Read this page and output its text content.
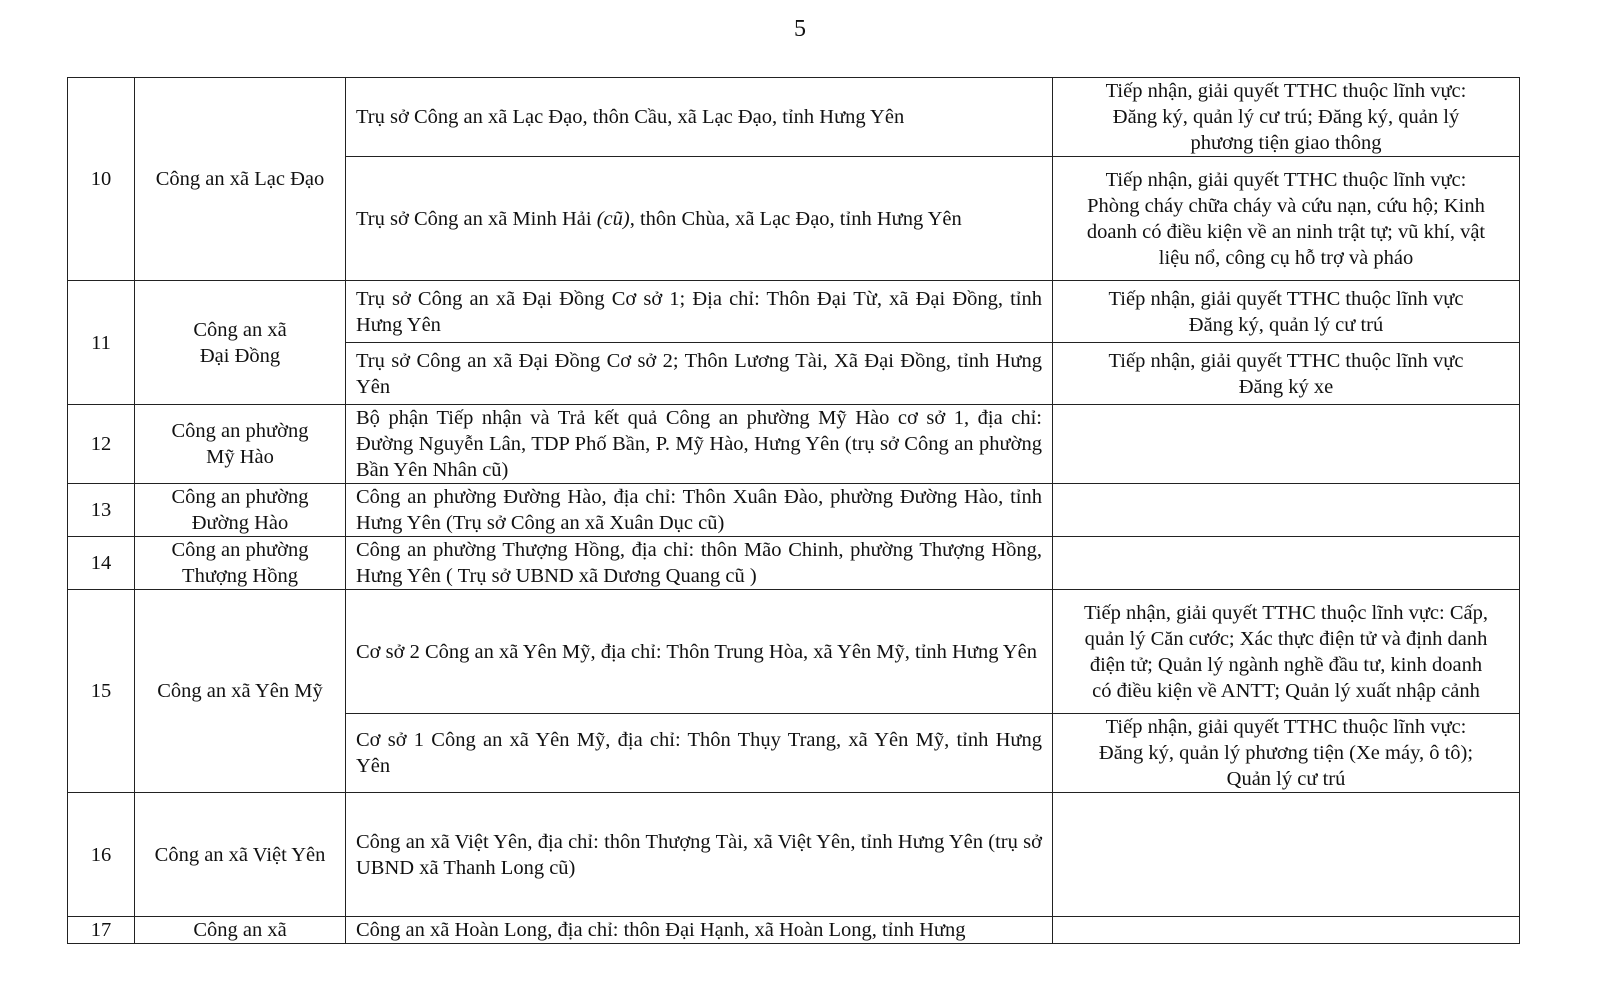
5
10	Công an xã Lạc Đạo	Trụ sở Công an xã Lạc Đạo, thôn Cầu, xã Lạc Đạo, tỉnh Hưng Yên	Tiếp nhận, giải quyết TTHC thuộc lĩnh vực:
Đăng ký, quản lý cư trú; Đăng ký, quản lý
phương tiện giao thông

		Trụ sở Công an xã Minh Hải (cũ), thôn Chùa, xã Lạc Đạo, tỉnh Hưng Yên	Tiếp nhận, giải quyết TTHC thuộc lĩnh vực:
Phòng cháy chữa cháy và cứu nạn, cứu hộ; Kinh
doanh có điều kiện về an ninh trật tự; vũ khí, vật
liệu nổ, công cụ hỗ trợ và pháo

11	Công an xã
Đại Đồng	Trụ sở Công an xã Đại Đồng Cơ sở 1; Địa chỉ: Thôn Đại Từ, xã Đại Đồng, tỉnh Hưng Yên	Tiếp nhận, giải quyết TTHC thuộc lĩnh vực
Đăng ký, quản lý cư trú

		Trụ sở Công an xã Đại Đồng Cơ sở 2; Thôn Lương Tài, Xã Đại Đồng, tỉnh Hưng Yên	Tiếp nhận, giải quyết TTHC thuộc lĩnh vực
Đăng ký xe

12	Công an phường
Mỹ Hào	Bộ phận Tiếp nhận và Trả kết quả Công an phường Mỹ Hào cơ sở 1, địa chỉ: Đường Nguyễn Lân, TDP Phố Bần, P. Mỹ Hào, Hưng Yên (trụ sở Công an phường Bần Yên Nhân cũ)	

13	Công an phường
Đường Hào	Công an phường Đường Hào, địa chỉ: Thôn Xuân Đào, phường Đường Hào, tỉnh Hưng Yên (Trụ sở Công an xã Xuân Dục cũ)	

14	Công an phường
Thượng Hồng	Công an phường Thượng Hồng, địa chỉ: thôn Mão Chinh, phường Thượng Hồng, Hưng Yên ( Trụ sở UBND xã Dương Quang cũ )	

15	Công an xã Yên Mỹ	Cơ sở 2 Công an xã Yên Mỹ, địa chỉ: Thôn Trung Hòa, xã Yên Mỹ, tỉnh Hưng Yên	Tiếp nhận, giải quyết TTHC thuộc lĩnh vực: Cấp,
quản lý Căn cước; Xác thực điện tử và định danh
điện tử; Quản lý ngành nghề đầu tư, kinh doanh
có điều kiện về ANTT; Quản lý xuất nhập cảnh

		Cơ sở 1 Công an xã Yên Mỹ, địa chỉ: Thôn Thụy Trang, xã Yên Mỹ, tỉnh Hưng Yên	Tiếp nhận, giải quyết TTHC thuộc lĩnh vực:
Đăng ký, quản lý phương tiện (Xe máy, ô tô);
Quản lý cư trú

16	Công an xã Việt Yên	Công an xã Việt Yên, địa chỉ: thôn Thượng Tài, xã Việt Yên, tỉnh Hưng Yên (trụ sở UBND xã Thanh Long cũ)	

17	Công an xã	Công an xã Hoàn Long, địa chỉ: thôn Đại Hạnh, xã Hoàn Long, tỉnh Hưng	
